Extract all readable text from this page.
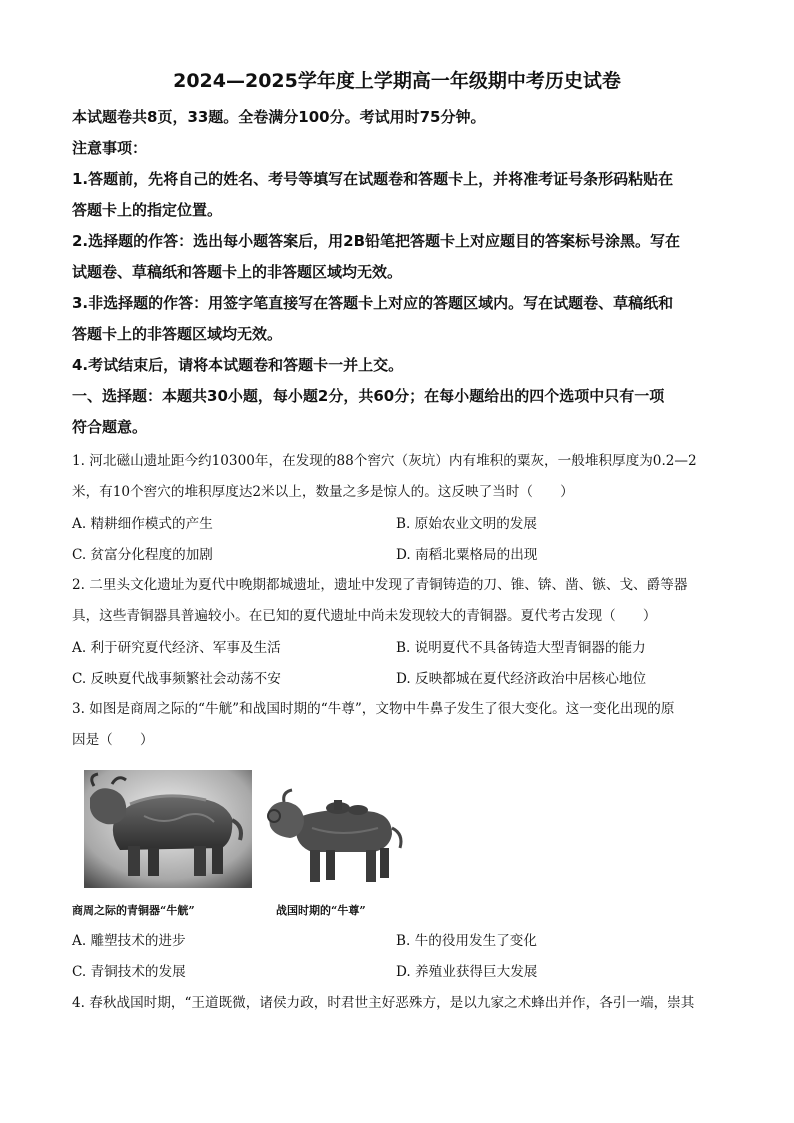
2024—2025学年度上学期高一年级期中考历史试卷
本试题卷共8页，33题。全卷满分100分。考试用时75分钟。
注意事项：
1.答题前，先将自己的姓名、考号等填写在试题卷和答题卡上，并将准考证号条形码粘贴在
答题卡上的指定位置。
2.选择题的作答：选出每小题答案后，用2B铅笔把答题卡上对应题目的答案标号涂黑。写在
试题卷、草稿纸和答题卡上的非答题区域均无效。
3.非选择题的作答：用签字笔直接写在答题卡上对应的答题区域内。写在试题卷、草稿纸和
答题卡上的非答题区域均无效。
4.考试结束后，请将本试题卷和答题卡一并上交。
一、选择题：本题共30小题，每小题2分，共60分；在每小题给出的四个选项中只有一项
符合题意。
1. 河北磁山遗址距今约10300年，在发现的88个窖穴（灰坑）内有堆积的粟灰，一般堆积厚度为0.2—2
米，有10个窖穴的堆积厚度达2米以上，数量之多是惊人的。这反映了当时（　　）
A. 精耕细作模式的产生	B. 原始农业文明的发展
C. 贫富分化程度的加剧	D. 南稻北粟格局的出现
2. 二里头文化遗址为夏代中晚期都城遗址，遗址中发现了青铜铸造的刀、锥、锛、凿、镞、戈、爵等器
具，这些青铜器具普遍较小。在已知的夏代遗址中尚未发现较大的青铜器。夏代考古发现（　　）
A. 利于研究夏代经济、军事及生活	B. 说明夏代不具备铸造大型青铜器的能力
C. 反映夏代战事频繁社会动荡不安	D. 反映都城在夏代经济政治中居核心地位
3. 如图是商周之际的“牛觥”和战国时期的“牛尊”，文物中牛鼻子发生了很大变化。这一变化出现的原
因是（　　）
商周之际的青铜器“牛觥”	战国时期的“牛尊”
A. 雕塑技术的进步	B. 牛的役用发生了变化
C. 青铜技术的发展	D. 养殖业获得巨大发展
4. 春秋战国时期，“王道既微，诸侯力政，时君世主好恶殊方，是以九家之术蜂出并作，各引一端，崇其
